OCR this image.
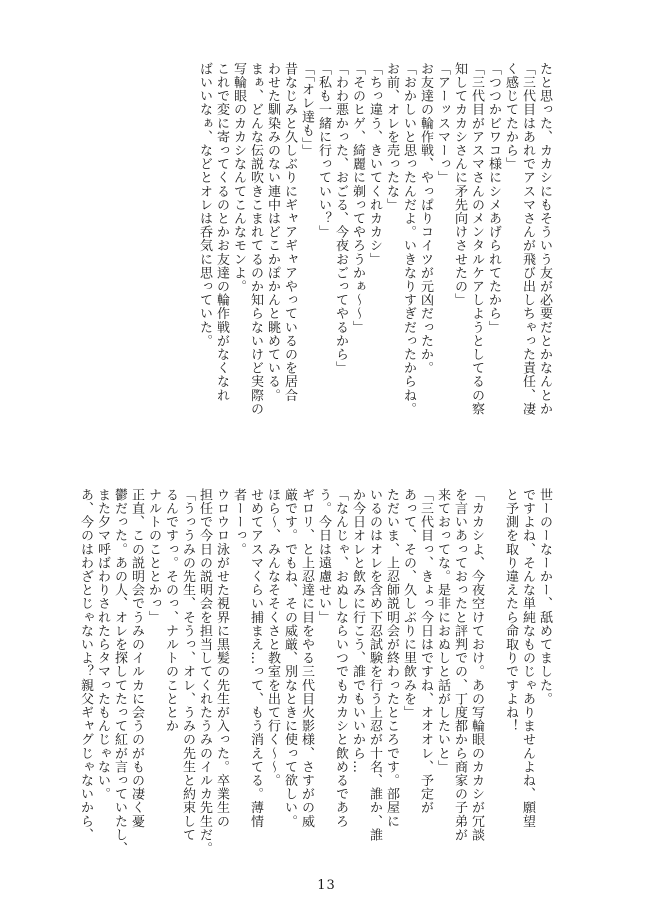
たと思った、カカシにもそういう友が必要だとかなんとか
「三代目はあれでアスマさんが飛び出しちゃった責任、凄
く感じてたから」
「つつかビワコ様にシメあげられてたから」
「三代目がアスマさんのメンタルケアしようとしてるの察
知してカカシさんに矛先向けさせたの」
「アーッスマーっ」
お友達の輪作戦、やっぱりコイツが元凶だったか。
「おかしいと思ったんだよ。いきなりすぎだったからね。
お前、オレを売ったな」
「ちっ違う、きいてくれカカシ」
「そのヒゲ、綺麗に剃ってやろうかぁ〜〜」
「わわ悪かった、おごる、今夜おごってやるから」
「私も一緒に行っていい？」
「「オレ達も」」
昔なじみと久しぶりにギャアギャアやっているのを居合
わせた馴染みのない連中はどこかぽかんと眺めている。
まぁ、どんな伝説吹きこまれてるのか知らないけど実際の
写輪眼のカカシなんてこんなモンよ。
これで変に寄ってくるのとかお友達の輪作戦がなくなれ
ばいいなぁ、などとオレは呑気に思っていた。
世ーのーなーかー、舐めてました。
ですよね、そんな単純なものじゃありませんよね、願望
と予測を取り違えたら命取りですよね！

「カカシよ、今夜空けておけ。あの写輪眼のカカシが冗談
を言いあっておったと評判での、丁度都から商家の子弟が
来ておってな。是非におぬしと話がしたいと」
「三代目っ、きょっ今日はですね、オオオレ、予定が
あって、その、久しぶりに里飲みを」
ただいま、上忍師説明会が終わったところです。部屋に
いるのはオレを含め下忍試験を行う上忍が十名、誰か、誰
か今日オレと飲みに行こう、誰でもいいから…
「なんじゃ、おぬしならいつでもカカシと飲めるであろ
う。今日は遠慮せい」
ギロリ、と上忍達に目をやる三代目火影様、さすがの威
厳です。でもね、その威厳、別なときに使って欲しい。
ほら〜、みんなそそくさと教室を出て行く〜〜。
せめてアスマくらい捕まえ…って、もう消えてる。薄情
者ーーっ。
ウロウロ泳がせた視界に黒髪の先生が入った。卒業生の
担任で今日の説明会を担当してくれたうみのイルカ先生だ。
「うっうみの先生、そうっ、オレ、うみの先生と約束して
るんですっ。そのっ、ナルトのこととか
ナルトのこととかっ」
正直、この説明会でうみのイルカに会うのがもの凄く憂
鬱だった。あの人、オレを探してたって紅が言っていたし、
また夕マ呼ばわりされたらタマったもんじゃない。
あ、今のはわざとじゃないよ？親父ギャグじゃないから、
13
